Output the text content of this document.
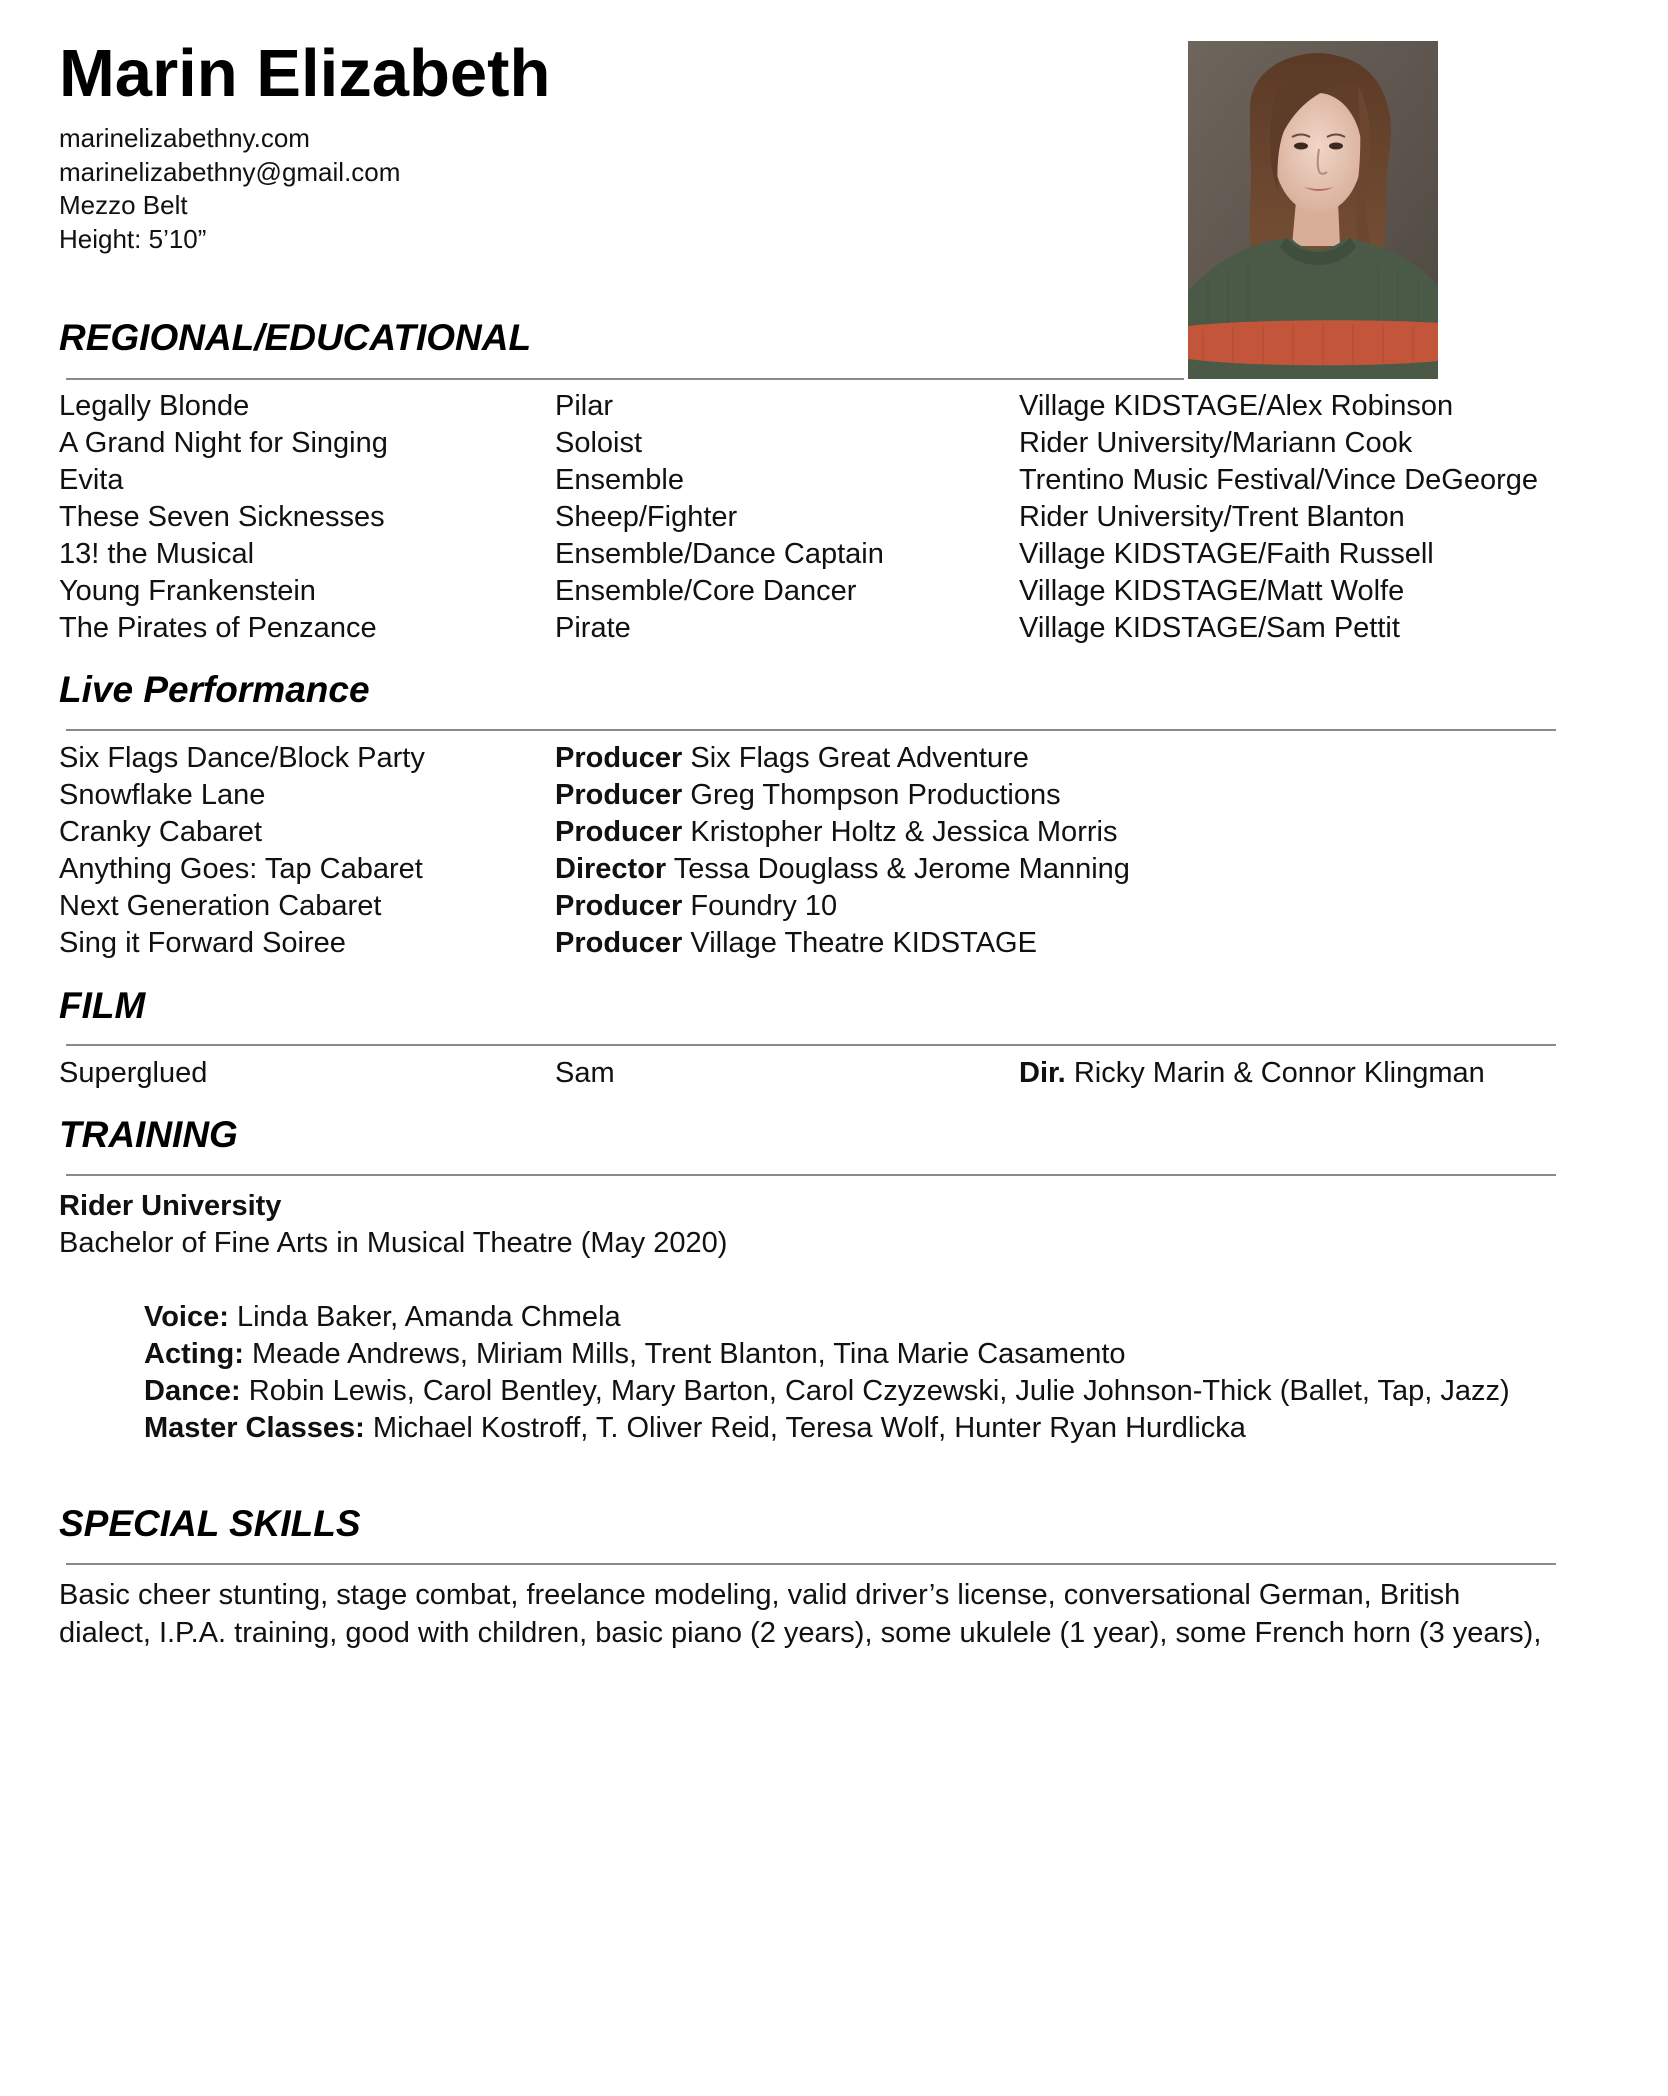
Marin Elizabeth
marinelizabethny.com
marinelizabethny@gmail.com
Mezzo Belt
Height: 5’10”
REGIONAL/EDUCATIONAL
Legally Blonde	Pilar	Village KIDSTAGE/Alex Robinson
A Grand Night for Singing	Soloist	Rider University/Mariann Cook
Evita	Ensemble	Trentino Music Festival/Vince DeGeorge
These Seven Sicknesses	Sheep/Fighter	Rider University/Trent Blanton
13! the Musical	Ensemble/Dance Captain	Village KIDSTAGE/Faith Russell
Young Frankenstein	Ensemble/Core Dancer	Village KIDSTAGE/Matt Wolfe
The Pirates of Penzance	Pirate	Village KIDSTAGE/Sam Pettit
Live Performance
Six Flags Dance/Block Party	Producer Six Flags Great Adventure
Snowflake Lane	Producer Greg Thompson Productions
Cranky Cabaret	Producer Kristopher Holtz & Jessica Morris
Anything Goes: Tap Cabaret	Director Tessa Douglass & Jerome Manning
Next Generation Cabaret	Producer Foundry 10
Sing it Forward Soiree	Producer Village Theatre KIDSTAGE
FILM
Superglued	Sam	Dir. Ricky Marin & Connor Klingman
TRAINING
Rider University
Bachelor of Fine Arts in Musical Theatre (May 2020)
Voice: Linda Baker, Amanda Chmela
Acting: Meade Andrews, Miriam Mills, Trent Blanton, Tina Marie Casamento
Dance: Robin Lewis, Carol Bentley, Mary Barton, Carol Czyzewski, Julie Johnson-Thick (Ballet, Tap, Jazz)
Master Classes: Michael Kostroff, T. Oliver Reid, Teresa Wolf, Hunter Ryan Hurdlicka
SPECIAL SKILLS
Basic cheer stunting, stage combat, freelance modeling, valid driver’s license, conversational German, British dialect, I.P.A. training, good with children, basic piano (2 years), some ukulele (1 year), some French horn (3 years),
